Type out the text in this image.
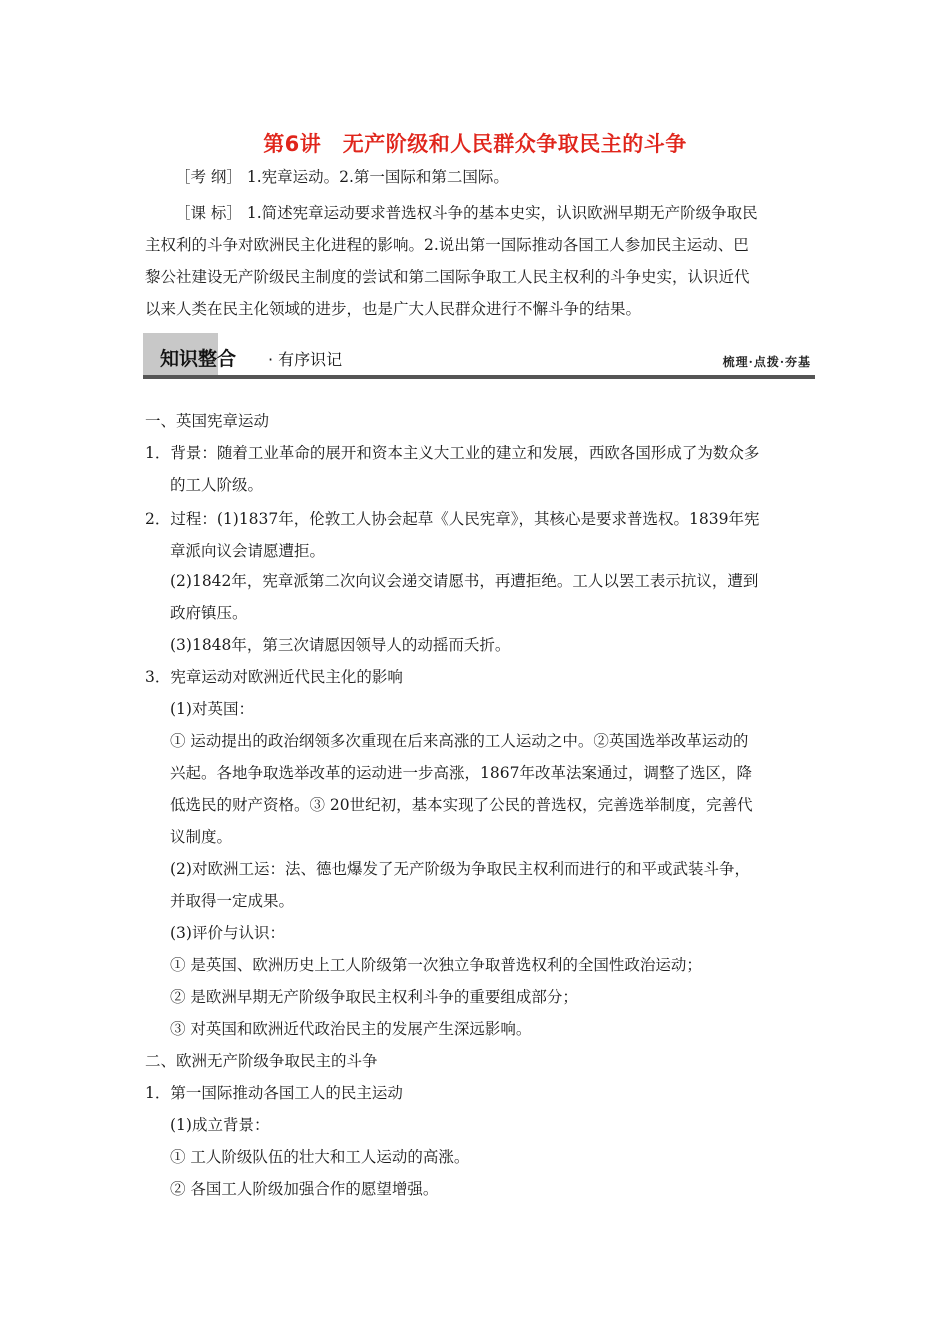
第6讲　无产阶级和人民群众争取民主的斗争
［考 纲］ 1.宪章运动。2.第一国际和第二国际。
［课 标］ 1.简述宪章运动要求普选权斗争的基本史实，认识欧洲早期无产阶级争取民
主权利的斗争对欧洲民主化进程的影响。2.说出第一国际推动各国工人参加民主运动、巴
黎公社建设无产阶级民主制度的尝试和第二国际争取工人民主权利的斗争史实，认识近代
以来人类在民主化领域的进步，也是广大人民群众进行不懈斗争的结果。
知识整合 · 有序识记	梳理·点拨·夯基
一、英国宪章运动
1．背景：随着工业革命的展开和资本主义大工业的建立和发展，西欧各国形成了为数众多
的工人阶级。
2．过程：(1)1837年，伦敦工人协会起草《人民宪章》，其核心是要求普选权。1839年宪
章派向议会请愿遭拒。
(2)1842年，宪章派第二次向议会递交请愿书，再遭拒绝。工人以罢工表示抗议，遭到
政府镇压。
(3)1848年，第三次请愿因领导人的动摇而夭折。
3．宪章运动对欧洲近代民主化的影响
(1)对英国：
① 运动提出的政治纲领多次重现在后来高涨的工人运动之中。②英国选举改革运动的
兴起。各地争取选举改革的运动进一步高涨，1867年改革法案通过，调整了选区，降
低选民的财产资格。③ 20世纪初，基本实现了公民的普选权，完善选举制度，完善代
议制度。
(2)对欧洲工运：法、德也爆发了无产阶级为争取民主权利而进行的和平或武装斗争，
并取得一定成果。
(3)评价与认识：
① 是英国、欧洲历史上工人阶级第一次独立争取普选权利的全国性政治运动；
② 是欧洲早期无产阶级争取民主权利斗争的重要组成部分；
③ 对英国和欧洲近代政治民主的发展产生深远影响。
二、欧洲无产阶级争取民主的斗争
1．第一国际推动各国工人的民主运动
(1)成立背景：
① 工人阶级队伍的壮大和工人运动的高涨。
② 各国工人阶级加强合作的愿望增强。
